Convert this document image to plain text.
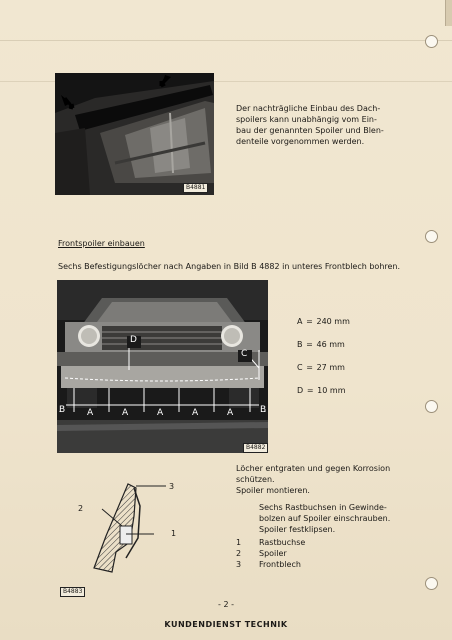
B4881
Der nachträgliche Einbau des Dach-
spoilers kann unabhängig vom Ein-
bau der genannten Spoiler und Blen-
denteile vorgenommen werden.
Frontspoiler einbauen
Sechs Befestigungslöcher nach Angaben in Bild B 4882 in unteres Frontblech bohren.
D
C
B	B
A	A	A	A	A
B4882
A = 240 mm
B = 46 mm
C = 27 mm
D = 10 mm
Löcher entgraten und gegen Korrosion
schützen.
Spoiler montieren.
Sechs Rastbuchsen in Gewinde-
bolzen auf Spoiler einschrauben.
Spoiler festklipsen.
1 Rastbuchse
2 Spoiler
3 Frontblech
3
2
1
B4883
- 2 -
KUNDENDIENST TECHNIK
